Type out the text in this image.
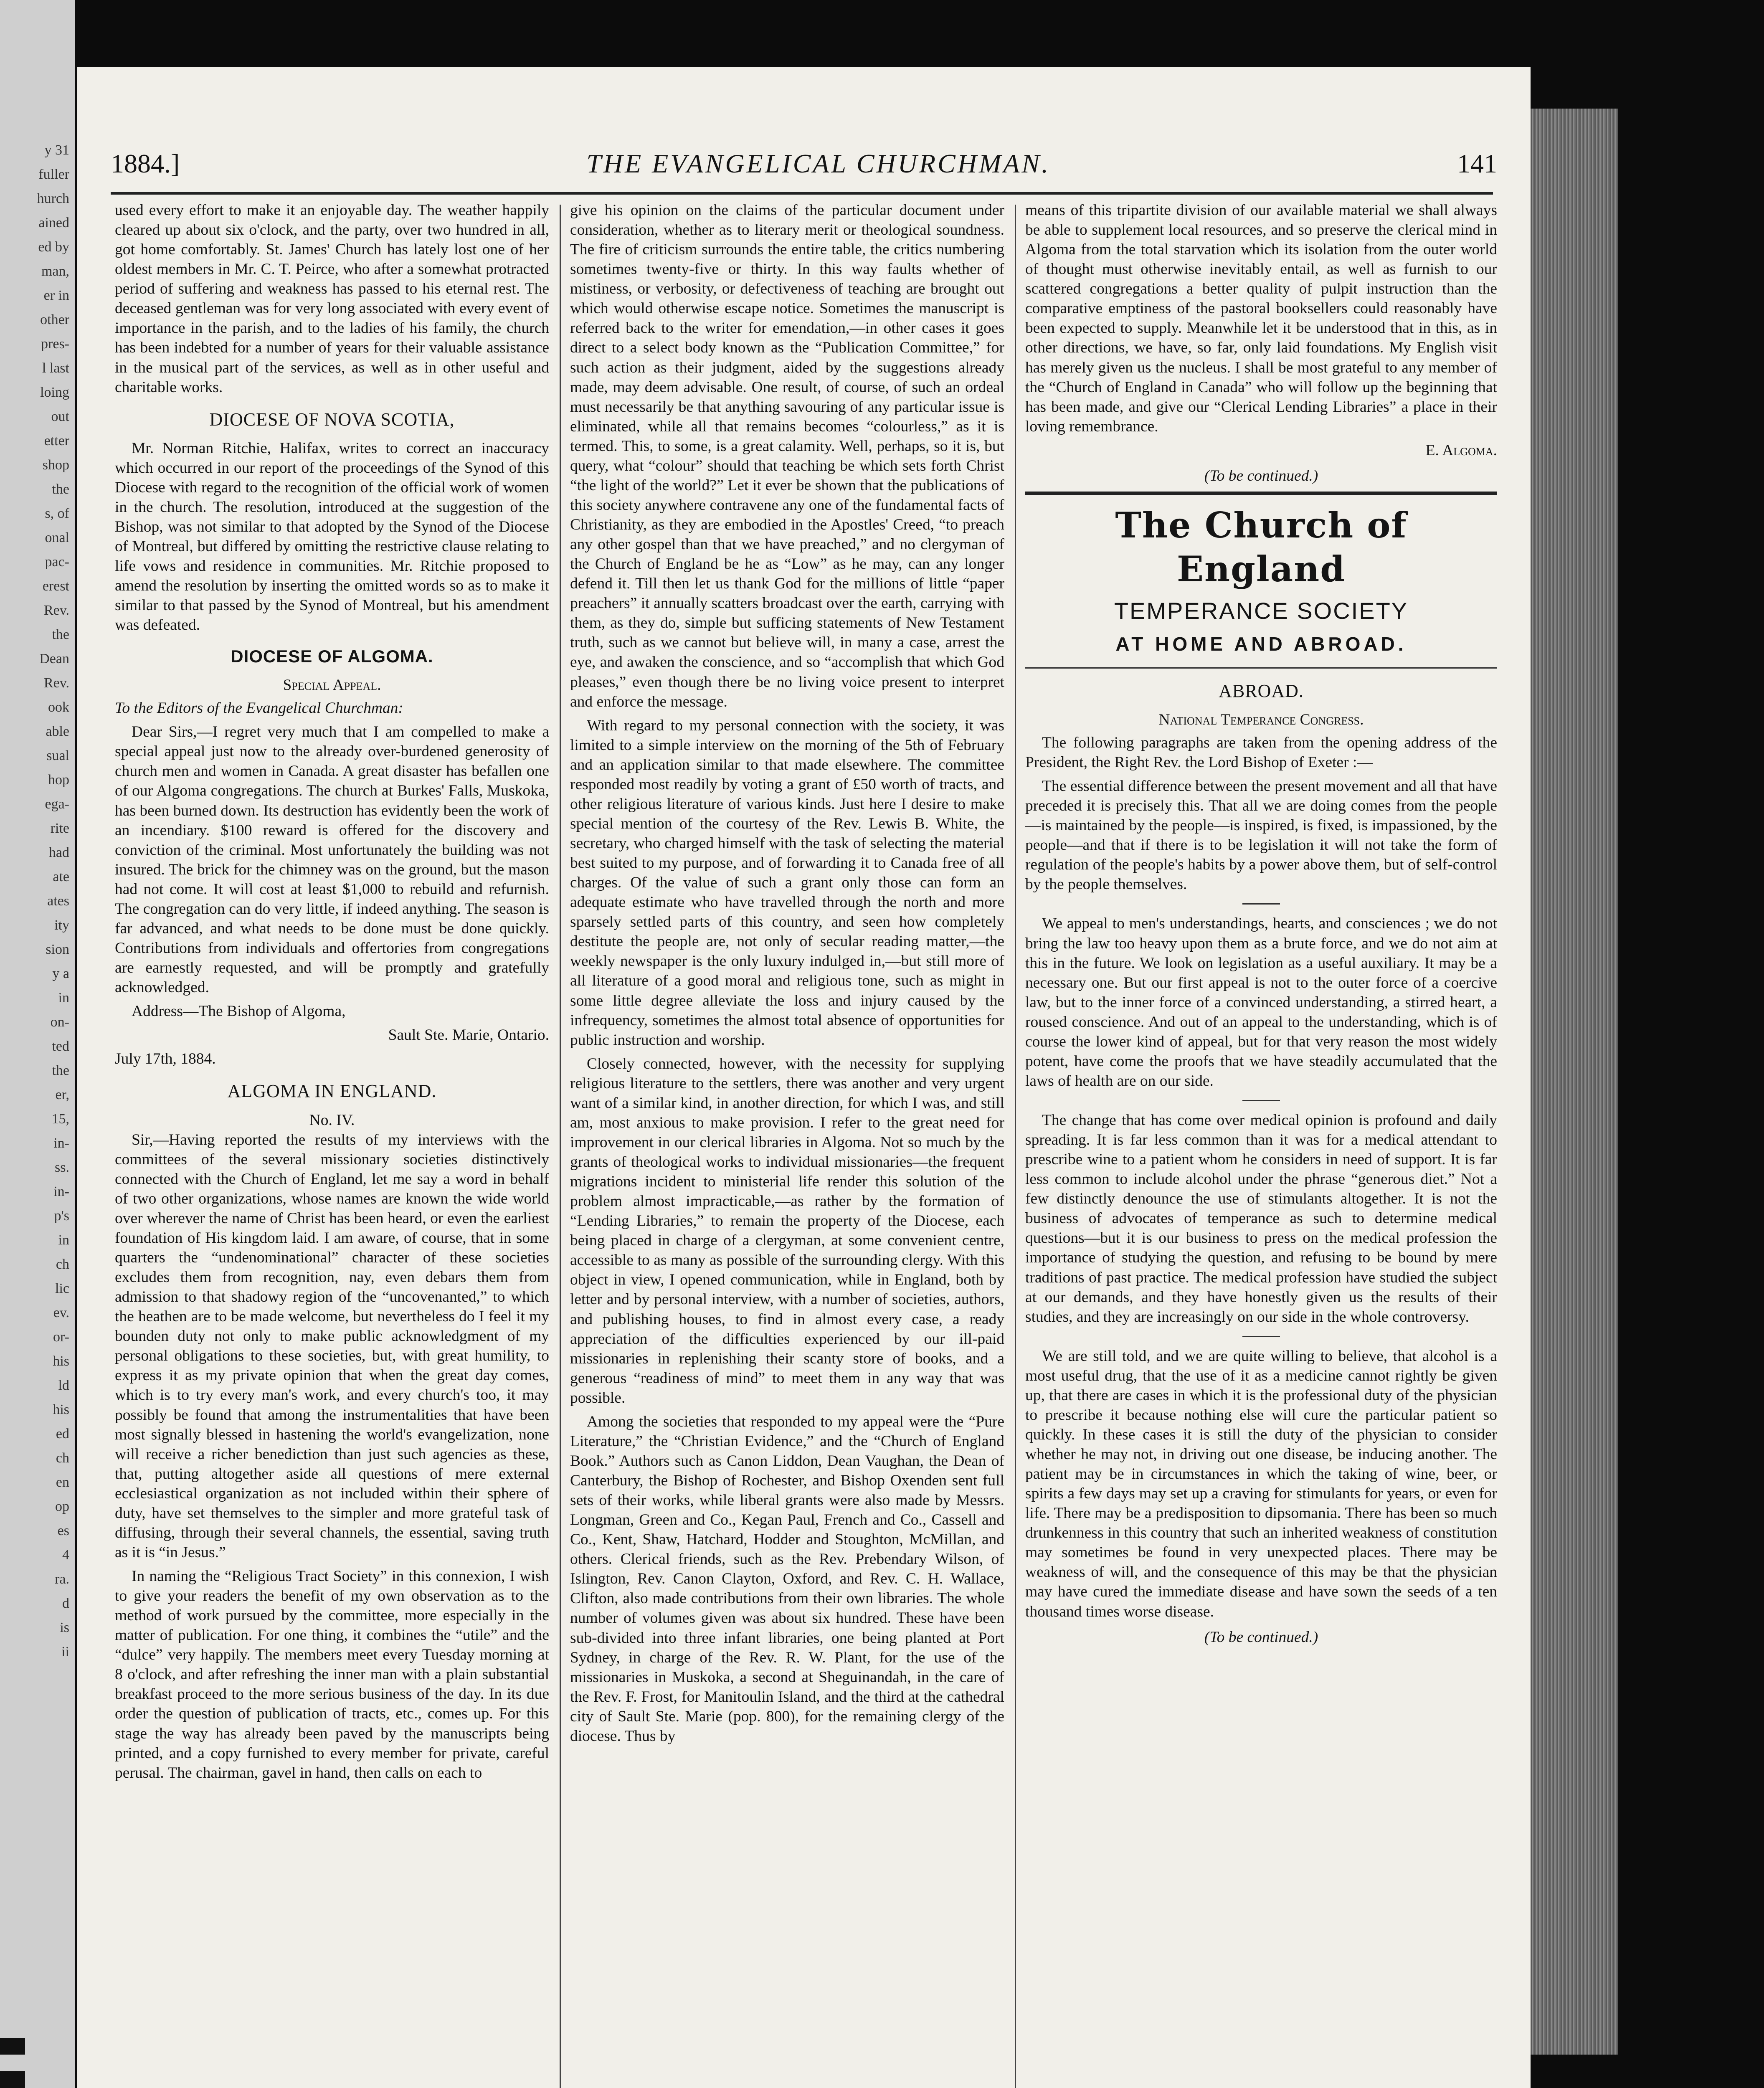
y 31
fuller
hurch
ained
ed by
man,
er in
other
pres-
l last
loing
out
etter
shop
the
s, of
onal
pac-
erest
Rev.
the
Dean
Rev.
ook
able
sual
hop
ega-
rite
had
ate
ates
ity
sion
y a
in
on-
ted
the
er,
15,
in-
ss.
in-
p's
in
ch
lic
ev.
or-
his
ld
his
ed
ch
en
op
es
4
ra.
d
is
ii
1884.]	THE EVANGELICAL CHURCHMAN.	141

used every effort to make it an enjoyable day. The weather happily cleared up about six o'clock, and the party, over two hundred in all, got home comfortably. St. James' Church has lately lost one of her oldest members in Mr. C. T. Peirce, who after a somewhat protracted period of suffering and weakness has passed to his eternal rest. The deceased gentleman was for very long associated with every event of importance in the parish, and to the ladies of his family, the church has been indebted for a number of years for their valuable assistance in the musical part of the services, as well as in other useful and charitable works.

DIOCESE OF NOVA SCOTIA,

Mr. Norman Ritchie, Halifax, writes to correct an inaccuracy which occurred in our report of the proceedings of the Synod of this Diocese with regard to the recognition of the official work of women in the church. The resolution, introduced at the suggestion of the Bishop, was not similar to that adopted by the Synod of the Diocese of Montreal, but differed by omitting the restrictive clause relating to life vows and residence in communities. Mr. Ritchie proposed to amend the resolution by inserting the omitted words so as to make it similar to that passed by the Synod of Montreal, but his amendment was defeated.

DIOCESE OF ALGOMA.
Special Appeal.

To the Editors of the Evangelical Churchman:

Dear Sirs,—I regret very much that I am compelled to make a special appeal just now to the already over-burdened generosity of church men and women in Canada. A great disaster has befallen one of our Algoma congregations. The church at Burkes' Falls, Muskoka, has been burned down. Its destruction has evidently been the work of an incendiary. $100 reward is offered for the discovery and conviction of the criminal. Most unfortunately the building was not insured. The brick for the chimney was on the ground, but the mason had not come. It will cost at least $1,000 to rebuild and refurnish. The congregation can do very little, if indeed anything. The season is far advanced, and what needs to be done must be done quickly. Contributions from individuals and offertories from congregations are earnestly requested, and will be promptly and gratefully acknowledged.

Address—The Bishop of Algoma,

Sault Ste. Marie, Ontario.

July 17th, 1884.

ALGOMA IN ENGLAND.
No. IV.

Sir,—Having reported the results of my interviews with the committees of the several missionary societies distinctively connected with the Church of England, let me say a word in behalf of two other organizations, whose names are known the wide world over wherever the name of Christ has been heard, or even the earliest foundation of His kingdom laid. I am aware, of course, that in some quarters the “undenominational” character of these societies excludes them from recognition, nay, even debars them from admission to that shadowy region of the “uncovenanted,” to which the heathen are to be made welcome, but nevertheless do I feel it my bounden duty not only to make public acknowledgment of my personal obligations to these societies, but, with great humility, to express it as my private opinion that when the great day comes, which is to try every man's work, and every church's too, it may possibly be found that among the instrumentalities that have been most signally blessed in hastening the world's evangelization, none will receive a richer benediction than just such agencies as these, that, putting altogether aside all questions of mere external ecclesiastical organization as not included within their sphere of duty, have set themselves to the simpler and more grateful task of diffusing, through their several channels, the essential, saving truth as it is “in Jesus.”

In naming the “Religious Tract Society” in this connexion, I wish to give your readers the benefit of my own observation as to the method of work pursued by the committee, more especially in the matter of publication. For one thing, it combines the “utile” and the “dulce” very happily. The members meet every Tuesday morning at 8 o'clock, and after refreshing the inner man with a plain substantial breakfast proceed to the more serious business of the day. In its due order the question of publication of tracts, etc., comes up. For this stage the way has already been paved by the manuscripts being printed, and a copy furnished to every member for private, careful perusal. The chairman, gavel in hand, then calls on each to

give his opinion on the claims of the particular document under consideration, whether as to literary merit or theological soundness. The fire of criticism surrounds the entire table, the critics numbering sometimes twenty-five or thirty. In this way faults whether of mistiness, or verbosity, or defectiveness of teaching are brought out which would otherwise escape notice. Sometimes the manuscript is referred back to the writer for emendation,—in other cases it goes direct to a select body known as the “Publication Committee,” for such action as their judgment, aided by the suggestions already made, may deem advisable. One result, of course, of such an ordeal must necessarily be that anything savouring of any particular issue is eliminated, while all that remains becomes “colourless,” as it is termed. This, to some, is a great calamity. Well, perhaps, so it is, but query, what “colour” should that teaching be which sets forth Christ “the light of the world?” Let it ever be shown that the publications of this society anywhere contravene any one of the fundamental facts of Christianity, as they are embodied in the Apostles' Creed, “to preach any other gospel than that we have preached,” and no clergyman of the Church of England be he as “Low” as he may, can any longer defend it. Till then let us thank God for the millions of little “paper preachers” it annually scatters broadcast over the earth, carrying with them, as they do, simple but sufficing statements of New Testament truth, such as we cannot but believe will, in many a case, arrest the eye, and awaken the conscience, and so “accomplish that which God pleases,” even though there be no living voice present to interpret and enforce the message.

With regard to my personal connection with the society, it was limited to a simple interview on the morning of the 5th of February and an application similar to that made elsewhere. The committee responded most readily by voting a grant of £50 worth of tracts, and other religious literature of various kinds. Just here I desire to make special mention of the courtesy of the Rev. Lewis B. White, the secretary, who charged himself with the task of selecting the material best suited to my purpose, and of forwarding it to Canada free of all charges. Of the value of such a grant only those can form an adequate estimate who have travelled through the north and more sparsely settled parts of this country, and seen how completely destitute the people are, not only of secular reading matter,—the weekly newspaper is the only luxury indulged in,—but still more of all literature of a good moral and religious tone, such as might in some little degree alleviate the loss and injury caused by the infrequency, sometimes the almost total absence of opportunities for public instruction and worship.

Closely connected, however, with the necessity for supplying religious literature to the settlers, there was another and very urgent want of a similar kind, in another direction, for which I was, and still am, most anxious to make provision. I refer to the great need for improvement in our clerical libraries in Algoma. Not so much by the grants of theological works to individual missionaries—the frequent migrations incident to ministerial life render this solution of the problem almost impracticable,—as rather by the formation of “Lending Libraries,” to remain the property of the Diocese, each being placed in charge of a clergyman, at some convenient centre, accessible to as many as possible of the surrounding clergy. With this object in view, I opened communication, while in England, both by letter and by personal interview, with a number of societies, authors, and publishing houses, to find in almost every case, a ready appreciation of the difficulties experienced by our ill-paid missionaries in replenishing their scanty store of books, and a generous “readiness of mind” to meet them in any way that was possible.

Among the societies that responded to my appeal were the “Pure Literature,” the “Christian Evidence,” and the “Church of England Book.” Authors such as Canon Liddon, Dean Vaughan, the Dean of Canterbury, the Bishop of Rochester, and Bishop Oxenden sent full sets of their works, while liberal grants were also made by Messrs. Longman, Green and Co., Kegan Paul, French and Co., Cassell and Co., Kent, Shaw, Hatchard, Hodder and Stoughton, McMillan, and others. Clerical friends, such as the Rev. Prebendary Wilson, of Islington, Rev. Canon Clayton, Oxford, and Rev. C. H. Wallace, Clifton, also made contributions from their own libraries. The whole number of volumes given was about six hundred. These have been sub-divided into three infant libraries, one being planted at Port Sydney, in charge of the Rev. R. W. Plant, for the use of the missionaries in Muskoka, a second at Sheguinandah, in the care of the Rev. F. Frost, for Manitoulin Island, and the third at the cathedral city of Sault Ste. Marie (pop. 800), for the remaining clergy of the diocese. Thus by

means of this tripartite division of our available material we shall always be able to supplement local resources, and so preserve the clerical mind in Algoma from the total starvation which its isolation from the outer world of thought must otherwise inevitably entail, as well as furnish to our scattered congregations a better quality of pulpit instruction than the comparative emptiness of the pastoral booksellers could reasonably have been expected to supply. Meanwhile let it be understood that in this, as in other directions, we have, so far, only laid foundations. My English visit has merely given us the nucleus. I shall be most grateful to any member of the “Church of England in Canada” who will follow up the beginning that has been made, and give our “Clerical Lending Libraries” a place in their loving remembrance.

E. Algoma.
(To be continued.)
The Church of England
TEMPERANCE SOCIETY
AT HOME AND ABROAD.
ABROAD.
National Temperance Congress.

The following paragraphs are taken from the opening address of the President, the Right Rev. the Lord Bishop of Exeter :—

The essential difference between the present movement and all that have preceded it is precisely this. That all we are doing comes from the people—is maintained by the people—is inspired, is fixed, is impassioned, by the people—and that if there is to be legislation it will not take the form of regulation of the people's habits by a power above them, but of self-control by the people themselves.

We appeal to men's understandings, hearts, and consciences ; we do not bring the law too heavy upon them as a brute force, and we do not aim at this in the future. We look on legislation as a useful auxiliary. It may be a necessary one. But our first appeal is not to the outer force of a coercive law, but to the inner force of a convinced understanding, a stirred heart, a roused conscience. And out of an appeal to the understanding, which is of course the lower kind of appeal, but for that very reason the most widely potent, have come the proofs that we have steadily accumulated that the laws of health are on our side.

The change that has come over medical opinion is profound and daily spreading. It is far less common than it was for a medical attendant to prescribe wine to a patient whom he considers in need of support. It is far less common to include alcohol under the phrase “generous diet.” Not a few distinctly denounce the use of stimulants altogether. It is not the business of advocates of temperance as such to determine medical questions—but it is our business to press on the medical profession the importance of studying the question, and refusing to be bound by mere traditions of past practice. The medical profession have studied the subject at our demands, and they have honestly given us the results of their studies, and they are increasingly on our side in the whole controversy.

We are still told, and we are quite willing to believe, that alcohol is a most useful drug, that the use of it as a medicine cannot rightly be given up, that there are cases in which it is the professional duty of the physician to prescribe it because nothing else will cure the particular patient so quickly. In these cases it is still the duty of the physician to consider whether he may not, in driving out one disease, be inducing another. The patient may be in circumstances in which the taking of wine, beer, or spirits a few days may set up a craving for stimulants for years, or even for life. There may be a predisposition to dipsomania. There has been so much drunkenness in this country that such an inherited weakness of constitution may sometimes be found in very unexpected places. There may be weakness of will, and the consequence of this may be that the physician may have cured the immediate disease and have sown the seeds of a ten thousand times worse disease.

(To be continued.)
